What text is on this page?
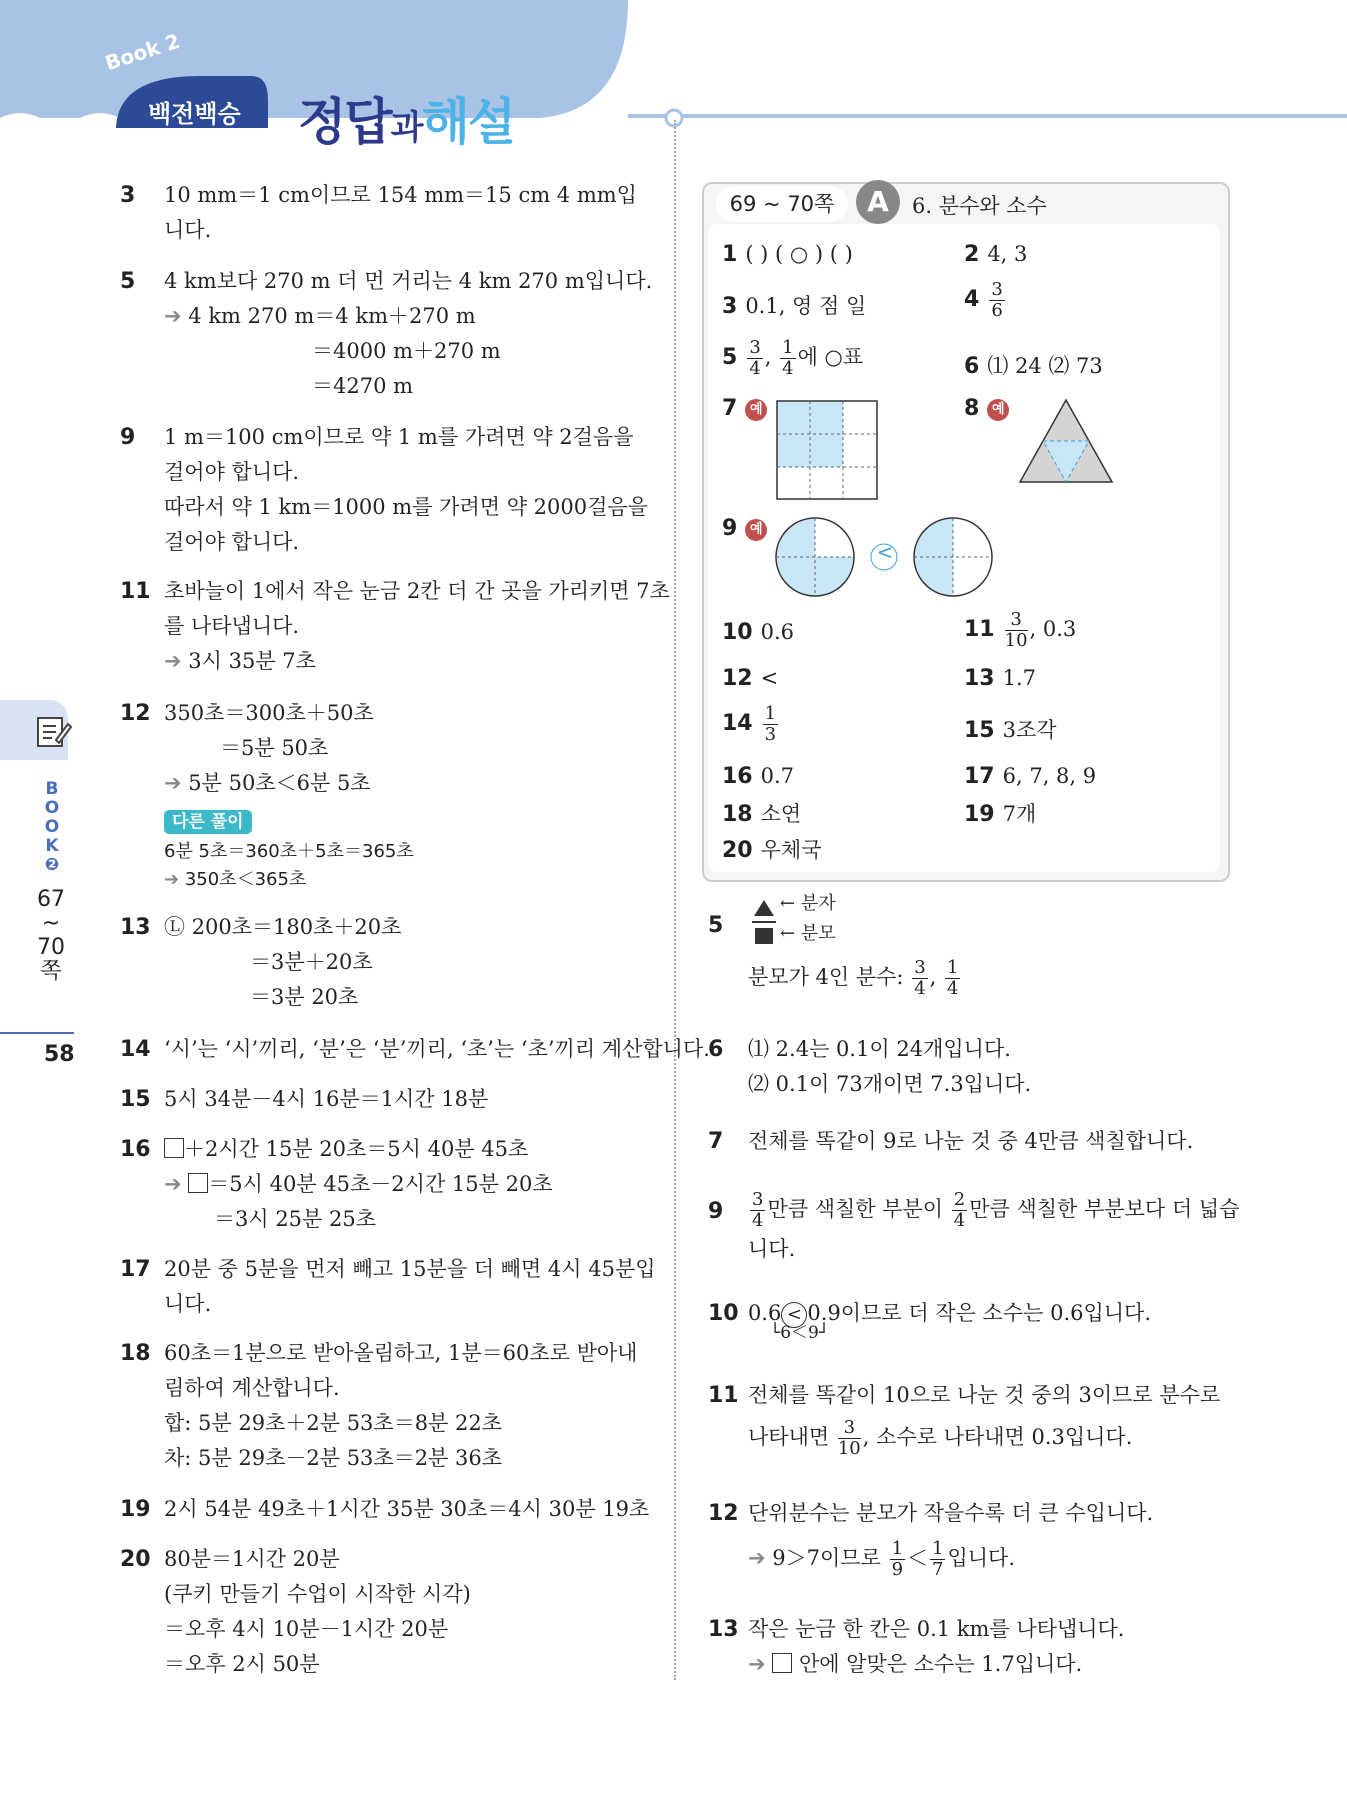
Book 2
백전백승 정답과해설
B
O
O
K
❷
67
~
70
쪽
58
3 10 mm＝1 cm이므로 154 mm＝15 cm 4 mm입
니다.
5 4 km보다 270 m 더 먼 거리는 4 km 270 m입니다.
➔ 4 km 270 m＝4 km＋270 m
＝4000 m＋270 m
＝4270 m
9 1 m＝100 cm이므로 약 1 m를 가려면 약 2걸음을
걸어야 합니다.
따라서 약 1 km＝1000 m를 가려면 약 2000걸음을
걸어야 합니다.
11 초바늘이 1에서 작은 눈금 2칸 더 간 곳을 가리키면 7초
를 나타냅니다.
➔ 3시 35분 7초
12 350초＝300초＋50초
＝5분 50초
➔ 5분 50초＜6분 5초
다른 풀이
6분 5초＝360초＋5초＝365초
➔ 350초＜365초
13 Ⓛ 200초＝180초＋20초
＝3분＋20초
＝3분 20초
14 ‘시’는 ‘시’끼리, ‘분’은 ‘분’끼리, ‘초’는 ‘초’끼리 계산합니다.
15 5시 34분－4시 16분＝1시간 18분
16	＋2시간 15분 20초＝5시 40분 45초
➔ ＝5시 40분 45초－2시간 15분 20초
＝3시 25분 25초
17 20분 중 5분을 먼저 빼고 15분을 더 빼면 4시 45분입
니다.
18 60초＝1분으로 받아올림하고, 1분＝60초로 받아내
림하여 계산합니다.
합: 5분 29초＋2분 53초＝8분 22초
차: 5분 29초－2분 53초＝2분 36초
19 2시 54분 49초＋1시간 35분 30초＝4시 30분 19초
20 80분＝1시간 20분
(쿠키 만들기 수업이 시작한 시각)
＝오후 4시 10분－1시간 20분
＝오후 2시 50분
69 ~ 70쪽	A	6. 분수와 소수
1 ( ) ( ○ ) ( )	2 4, 3
3 0.1, 영 점 일	$4 \frac{3}{6}$
$5 \frac{3}{4}$ , $\frac{1}{4}$ 에 ○표	6 ⑴ 24 ⑵ 73
7 예	8 예
9 예
<
10 0.6	$11 \frac{3}{10}$ , 0.3
12 <	13 1.7
$14 \frac{1}{3}$	15 3조각
16 0.7	17 6, 7, 8, 9
18 소연	19 7개
20 우체국
5
← 분자
← 분모
분모가 4인 분수: $\frac{3}{4}$ , $\frac{1}{4}$
6 ⑴ 2.4는 0.1이 24개입니다.
⑵ 0.1이 73개이면 7.3입니다.
7 전체를 똑같이 9로 나눈 것 중 4만큼 색칠합니다.
$9 \frac{3}{4}$ 만큼 색칠한 부분이 $\frac{2}{4}$ 만큼 색칠한 부분보다 더 넓습
니다.
10 0.6 < 0.9이므로 더 작은 소수는 0.6입니다.
└6＜9┘
11 전체를 똑같이 10으로 나눈 것 중의 3이므로 분수로
나타내면 $\frac{3}{10}$ , 소수로 나타내면 0.3입니다.
12 단위분수는 분모가 작을수록 더 큰 수입니다.
➔ 9＞7이므로 $\frac{1}{9} < \frac{1}{7}$ 입니다.
13 작은 눈금 한 칸은 0.1 km를 나타냅니다.
➔ 안에 알맞은 소수는 1.7입니다.
